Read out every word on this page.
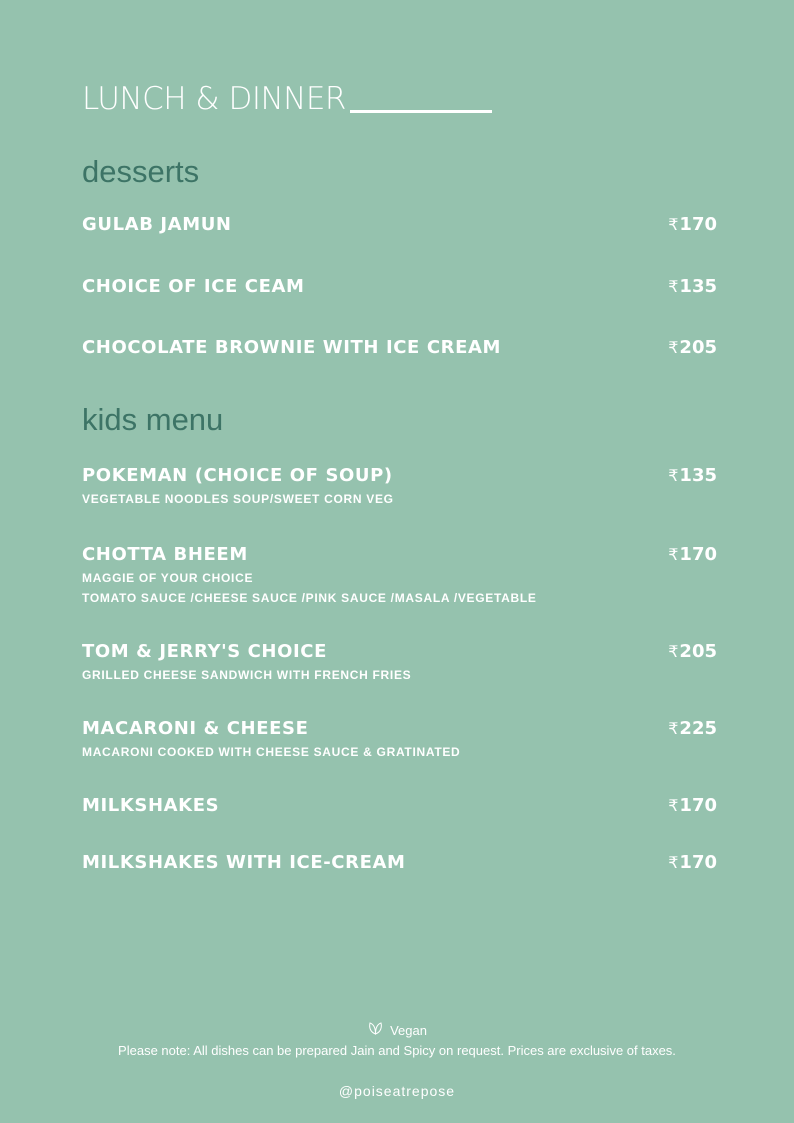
LUNCH & DINNER
desserts
GULAB JAMUN	₹170
CHOICE OF ICE CEAM	₹135
CHOCOLATE BROWNIE WITH ICE CREAM	₹205
kids menu
POKEMAN (CHOICE OF SOUP)	₹135
VEGETABLE NOODLES SOUP/SWEET CORN VEG
CHOTTA BHEEM	₹170
MAGGIE OF YOUR CHOICE
TOMATO SAUCE /CHEESE SAUCE /PINK SAUCE /MASALA /VEGETABLE
TOM & JERRY'S CHOICE	₹205
GRILLED CHEESE SANDWICH WITH FRENCH FRIES
MACARONI & CHEESE	₹225
MACARONI COOKED WITH CHEESE SAUCE & GRATINATED
MILKSHAKES	₹170
MILKSHAKES WITH ICE-CREAM	₹170
Vegan
Please note: All dishes can be prepared Jain and Spicy on request. Prices are exclusive of taxes.
@poiseatrepose
